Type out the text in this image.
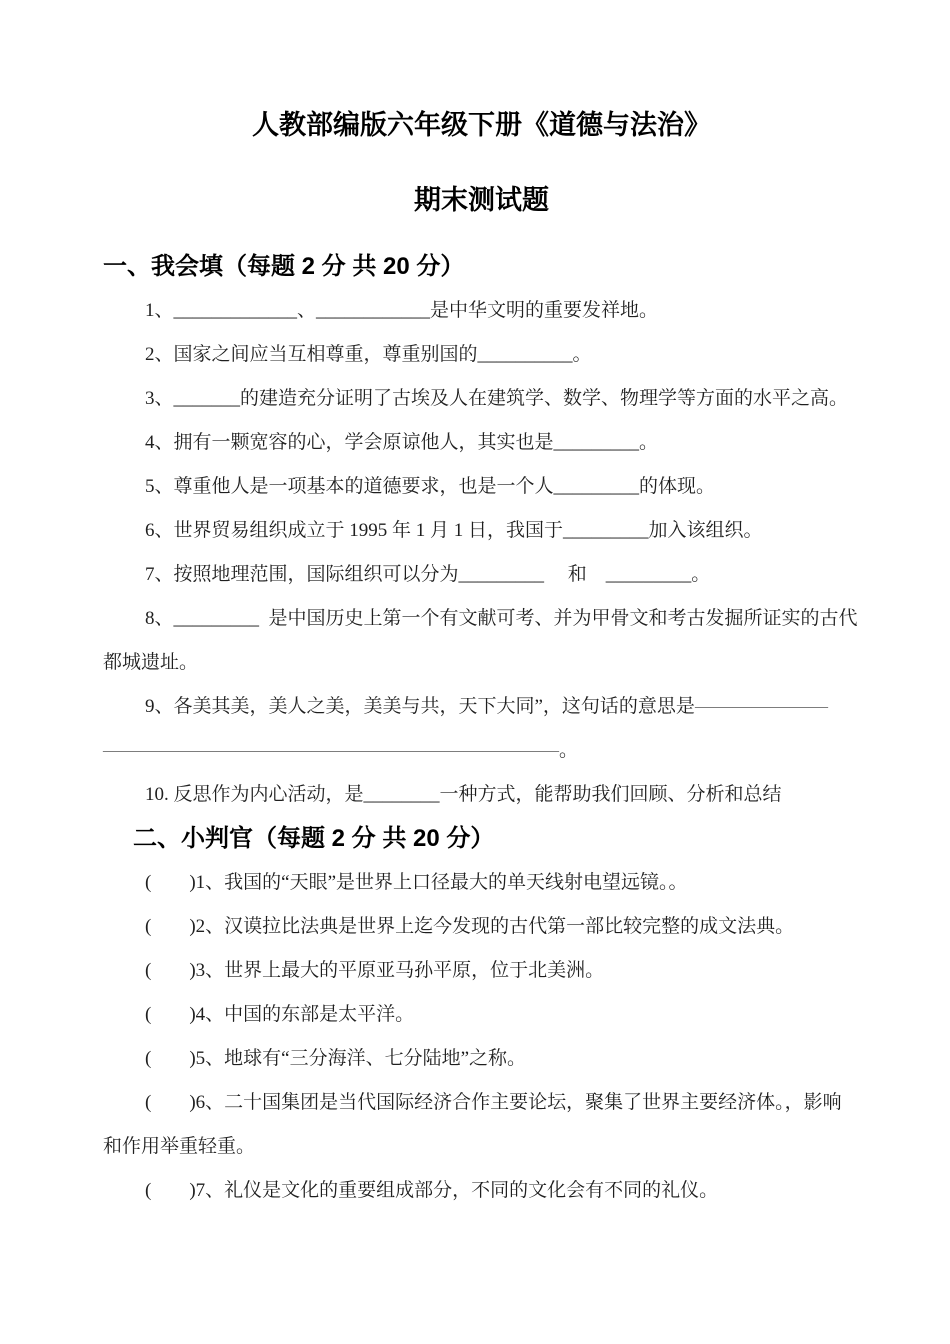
人教部编版六年级下册《道德与法治》
期末测试题
一、我会填（每题 2 分 共 20 分）

1、_____________、____________是中华文明的重要发祥地。

2、国家之间应当互相尊重，尊重别国的__________。

3、_______的建造充分证明了古埃及人在建筑学、数学、物理学等方面的水平之高。

4、拥有一颗宽容的心，学会原谅他人，其实也是_________。

5、尊重他人是一项基本的道德要求，也是一个人_________的体现。

6、世界贸易组织成立于 1995 年 1 月 1 日，我国于_________加入该组织。

7、按照地理范围，国际组织可以分为_________     和    _________。

8、_________  是中国历史上第一个有文献可考、并为甲骨文和考古发掘所证实的古代都城遗址。

9、各美其美，美人之美，美美与共，天下大同”，这句话的意思是———————

————————————————————————。

10. 反思作为内心活动，是________一种方式，能帮助我们回顾、分析和总结

二、小判官（每题 2 分 共 20 分）

(        )1、我国的“天眼”是世界上口径最大的单天线射电望远镜。。

(        )2、汉谟拉比法典是世界上迄今发现的古代第一部比较完整的成文法典。

(        )3、世界上最大的平原亚马孙平原，位于北美洲。

(        )4、中国的东部是太平洋。

(        )5、地球有“三分海洋、七分陆地”之称。

(        )6、二十国集团是当代国际经济合作主要论坛，聚集了世界主要经济体。，影响和作用举重轻重。

(        )7、礼仪是文化的重要组成部分，不同的文化会有不同的礼仪。
